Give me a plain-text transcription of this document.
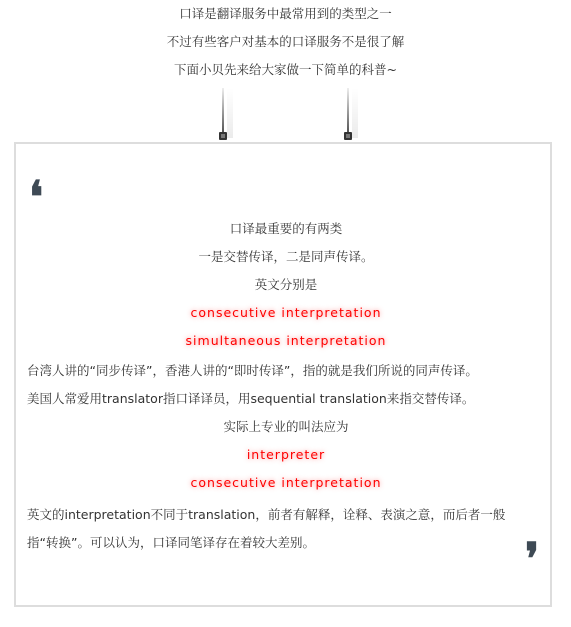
口译是翻译服务中最常用到的类型之一
不过有些客户对基本的口译服务不是很了解
下面小贝先来给大家做一下简单的科普~
❛
口译最重要的有两类
一是交替传译，二是同声传译。
英文分别是
consecutive interpretation
simultaneous interpretation
台湾人讲的“同步传译”，香港人讲的“即时传译”，指的就是我们所说的同声传译。
美国人常爱用translator指口译译员，用sequential translation来指交替传译。
实际上专业的叫法应为
interpreter
consecutive interpretation
英文的interpretation不同于translation，前者有解释，诠释、表演之意，而后者一般
指“转换”。可以认为，口译同笔译存在着较大差别。	❜
